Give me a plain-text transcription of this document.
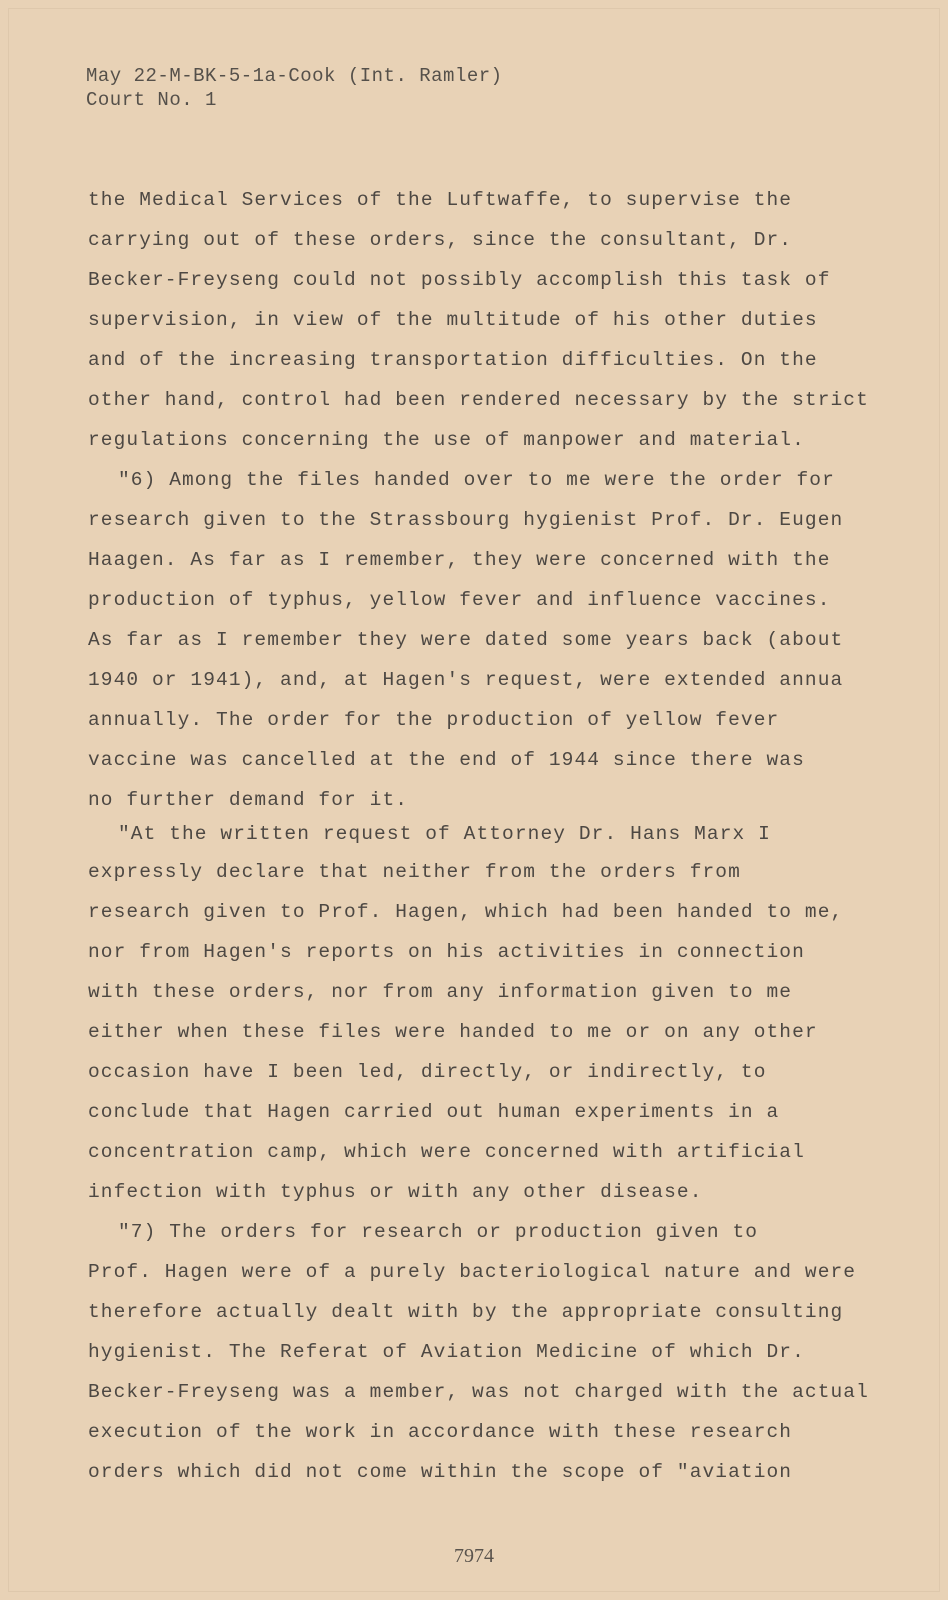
May 22-M-BK-5-1a-Cook (Int. Ramler)
Court No. 1
the Medical Services of the Luftwaffe, to supervise the
carrying out of these orders, since the consultant, Dr.
Becker-Freyseng could not possibly accomplish this task of
supervision, in view of the multitude of his other duties
and of the increasing transportation difficulties. On the
other hand, control had been rendered necessary by the strict
regulations concerning the use of manpower and material.
"6) Among the files handed over to me were the order for
research given to the Strassbourg hygienist Prof. Dr. Eugen
Haagen. As far as I remember, they were concerned with the
production of typhus, yellow fever and influence vaccines.
As far as I remember they were dated some years back (about
1940 or 1941), and, at Hagen's request, were extended annua
annually. The order for the production of yellow fever
vaccine was cancelled at the end of 1944 since there was
no further demand for it.
"At the written request of Attorney Dr. Hans Marx I
expressly declare that neither from the orders from
research given to Prof. Hagen, which had been handed to me,
nor from Hagen's reports on his activities in connection
with these orders, nor from any information given to me
either when these files were handed to me or on any other
occasion have I been led, directly, or indirectly, to
conclude that Hagen carried out human experiments in a
concentration camp, which were concerned with artificial
infection with typhus or with any other disease.
"7) The orders for research or production given to
Prof. Hagen were of a purely bacteriological nature and were
therefore actually dealt with by the appropriate consulting
hygienist. The Referat of Aviation Medicine of which Dr.
Becker-Freyseng was a member, was not charged with the actual
execution of the work in accordance with these research
orders which did not come within the scope of "aviation
7974
